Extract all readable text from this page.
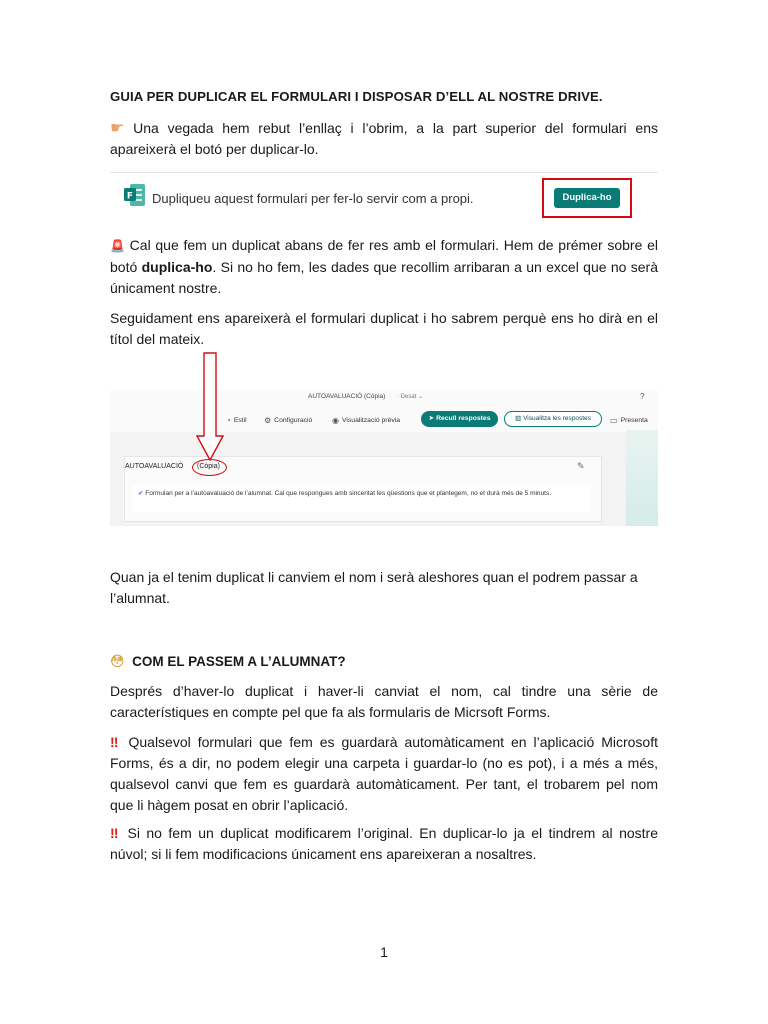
GUIA PER DUPLICAR EL FORMULARI I DISPOSAR D’ELL AL NOSTRE DRIVE.

☛ Una vegada hem rebut l’enllaç i l’obrim, a la part superior del formulari ens apareixerà el botó per duplicar-lo.

F Dupliqueu aquest formulari per fer-lo servir com a propi.	Duplica-ho

🚨 Cal que fem un duplicat abans de fer res amb el formulari. Hem de prémer sobre el botó duplica-ho. Si no ho fem, les dades que recollim arribaran a un excel que no serà únicament nostre.

Seguidament ens apareixerà el formulari duplicat i ho sabrem perquè ens ho dirà en el títol del mateix.

AUTOAVALUACIÓ (Còpia) · Desat ⌄	?
◔ Estil ⚙ Configuració ◉ Visualització prèvia	➤ Recull respostes	▥ Visualitza les respostes	▭ Presenta
AUTOAVALUACIÓ (Còpia)	✎
✔ Formulari per a l’autoavaluació de l’alumnat. Cal que respongues amb sinceritat les qüestions que et plantegem, no et durà més de 5 minuts.

Quan ja el tenim duplicat li canviem el nom i serà aleshores quan el podrem passar a l’alumnat.

😳 COM EL PASSEM A L’ALUMNAT?

Després d’haver-lo duplicat i haver-li canviat el nom, cal tindre una sèrie de característiques en compte pel que fa als formularis de Micrsoft Forms.

‼ Qualsevol formulari que fem es guardarà automàticament en l’aplicació Microsoft Forms, és a dir, no podem elegir una carpeta i guardar-lo (no es pot), i a més a més, qualsevol canvi que fem es guardarà automàticament. Per tant, el trobarem pel nom que li hàgem posat en obrir l’aplicació.

‼ Si no fem un duplicat modificarem l’original. En duplicar-lo ja el tindrem al nostre núvol; si li fem modificacions únicament ens apareixeran a nosaltres.

1
